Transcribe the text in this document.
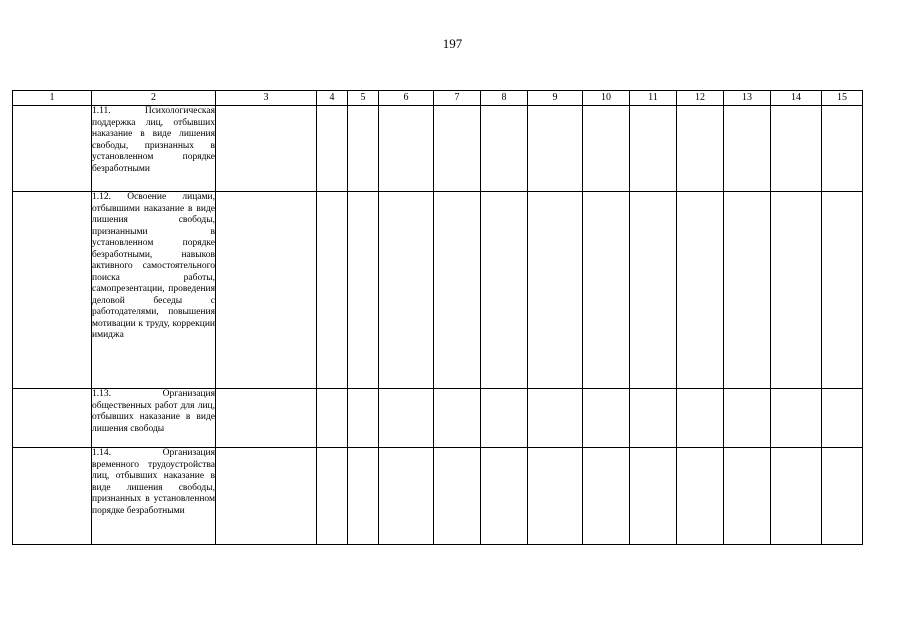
197
1	2	3	4	5	6	7	8	9	10	11	12	13	14	15
	1.11. Психологическая поддержка лиц, отбывших наказание в виде лишения свободы, признанных в установленном порядке безработными													
	1.12. Освоение лицами, отбывшими наказание в виде лишения свободы, признанными в установленном порядке безработными, навыков активного самостоятельного поиска работы, самопрезентации, проведения деловой беседы с работодателями, повышения мотивации к труду, коррекции имиджа													
	1.13. Организация общественных работ для лиц, отбывших наказание в виде лишения свободы													
	1.14. Организация временного трудоустройства лиц, отбывших наказание в виде лишения свободы, признанных в установленном порядке безработными													
